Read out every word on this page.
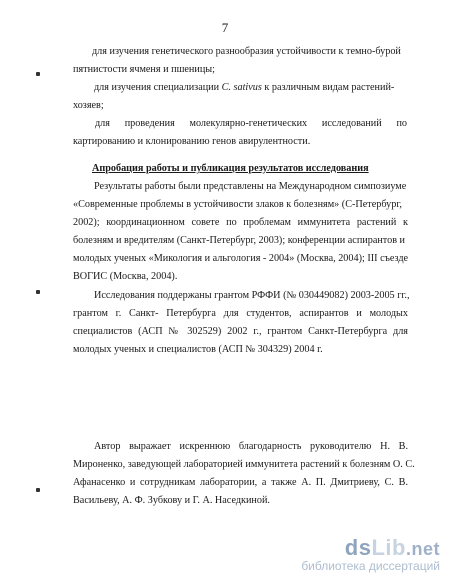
7
для изучения генетического разнообразия устойчивости к темно-бурой
пятнистости ячменя и пшеницы;
для изучения специализации C. sativus к различным видам растений-
хозяев;
для проведения молекулярно-генетических исследований по
картированию и клонированию генов авирулентности.
Апробация работы и публикация результатов исследования
Результаты работы были представлены на Международном симпозиуме
«Современные проблемы в устойчивости злаков к болезням» (С-Петербург,
2002); координационном совете по проблемам иммунитета растений к
болезням и вредителям (Санкт-Петербург, 2003); конференции аспирантов и
молодых ученых «Микология и альгология - 2004» (Москва, 2004); III съезде
ВОГИС (Москва, 2004).
Исследования поддержаны грантом РФФИ (№ 030449082) 2003-2005 гг.,
грантом г. Санкт- Петербурга для студентов, аспирантов и молодых
специалистов (АСП № 302529) 2002 г., грантом Санкт-Петербурга для
молодых ученых и специалистов (АСП № 304329) 2004 г.
Автор выражает искреннюю благодарность руководителю Н. В.
Мироненко, заведующей лабораторией иммунитета растений к болезням О. С.
Афанасенко и сотрудникам лаборатории, а также А. П. Дмитриеву, С. В.
Васильеву, А. Ф. Зубкову и Г. А. Наседкиной.
dsLib.net
библиотека диссертаций
